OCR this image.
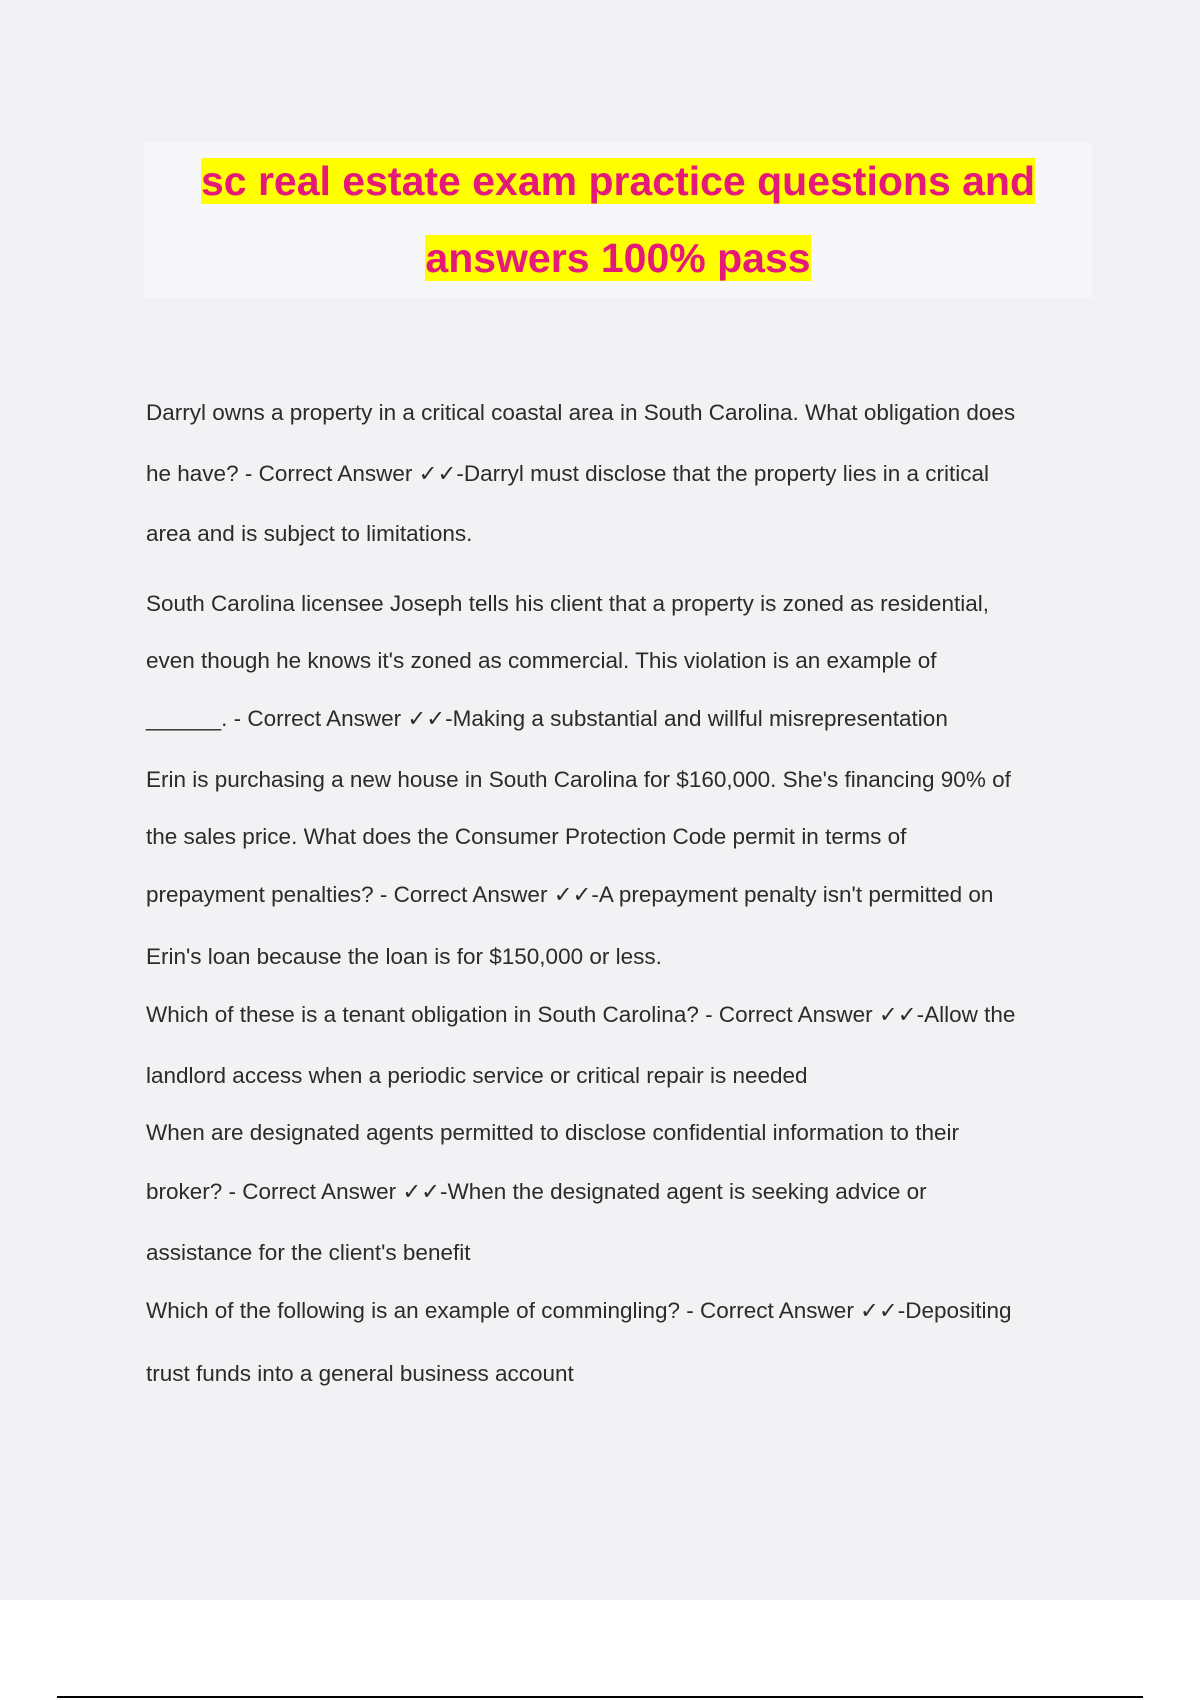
sc real estate exam practice questions and
answers 100% pass

Darryl owns a property in a critical coastal area in South Carolina. What obligation does

he have? - Correct Answer ✓✓-Darryl must disclose that the property lies in a critical

area and is subject to limitations.

South Carolina licensee Joseph tells his client that a property is zoned as residential,

even though he knows it's zoned as commercial. This violation is an example of

______. - Correct Answer ✓✓-Making a substantial and willful misrepresentation

Erin is purchasing a new house in South Carolina for $160,000. She's financing 90% of

the sales price. What does the Consumer Protection Code permit in terms of

prepayment penalties? - Correct Answer ✓✓-A prepayment penalty isn't permitted on

Erin's loan because the loan is for $150,000 or less.

Which of these is a tenant obligation in South Carolina? - Correct Answer ✓✓-Allow the

landlord access when a periodic service or critical repair is needed

When are designated agents permitted to disclose confidential information to their

broker? - Correct Answer ✓✓-When the designated agent is seeking advice or

assistance for the client's benefit

Which of the following is an example of commingling? - Correct Answer ✓✓-Depositing

trust funds into a general business account
